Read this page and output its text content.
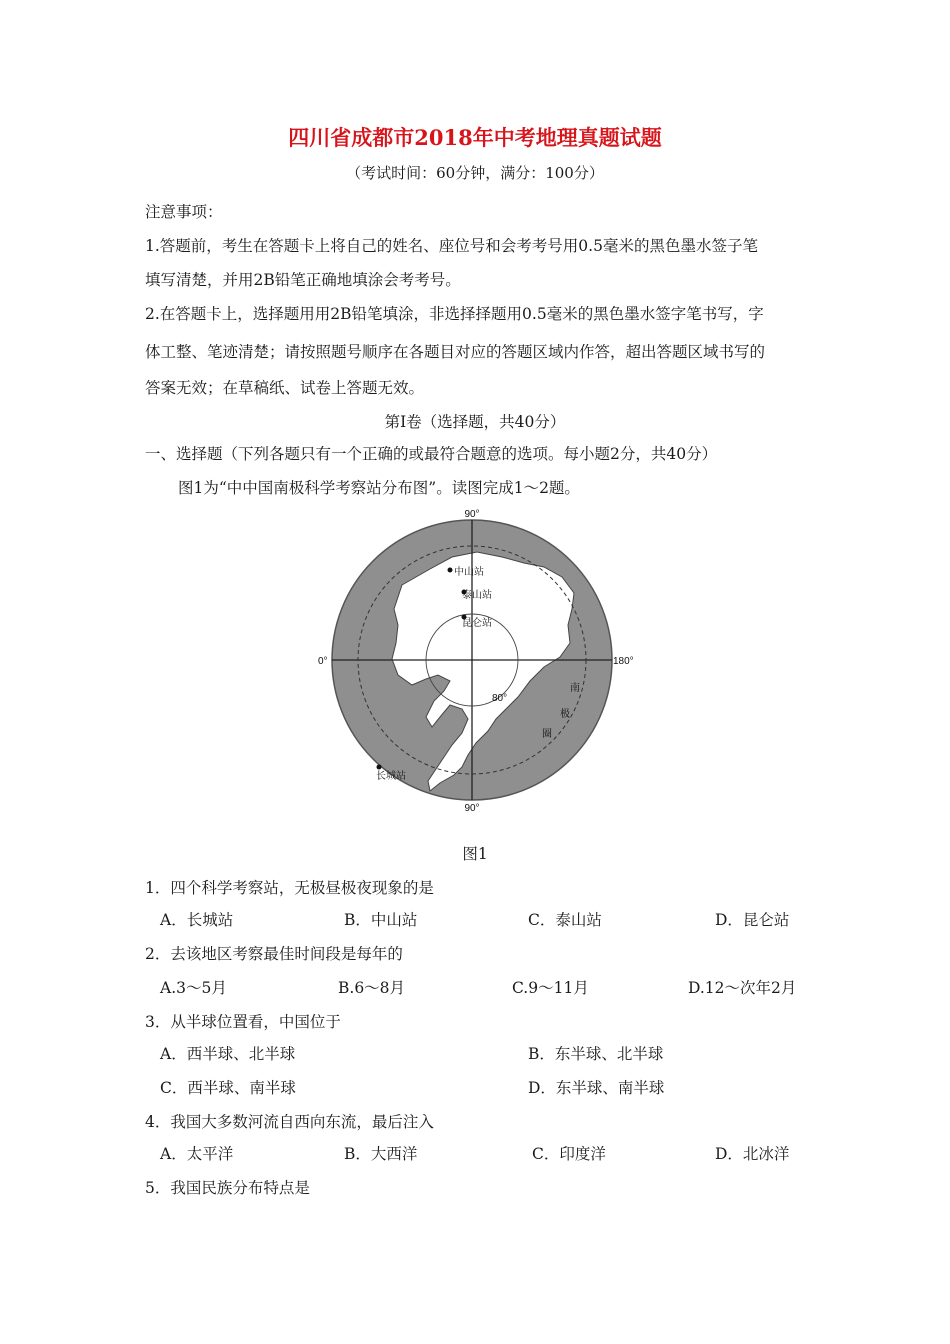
四川省成都市2018年中考地理真题试题
（考试时间：60分钟，满分：100分）
注意事项：
1.答题前，考生在答题卡上将自己的姓名、座位号和会考考号用0.5毫米的黑色墨水签子笔
填写清楚，并用2B铅笔正确地填涂会考考号。
2.在答题卡上，选择题用用2B铅笔填涂，非选择择题用0.5毫米的黑色墨水签字笔书写，字
体工整、笔迹清楚；请按照题号顺序在各题目对应的答题区域内作答，超出答题区域书写的
答案无效；在草稿纸、试卷上答题无效。
第Ⅰ卷（选择题，共40分）
一、选择题（下列各题只有一个正确的或最符合题意的选项。每小题2分，共40分）
图1为“中中国南极科学考察站分布图”。读图完成1～2题。
90°
90°
0°	180°
80°
中山站
泰山站
昆仑站
长城站
南
极
圈
图1
1．四个科学考察站，无极昼极夜现象的是
A．长城站	B．中山站	C．泰山站	D．昆仑站
2．去该地区考察最佳时间段是每年的
A.3～5月	B.6～8月	C.9～11月	D.12～次年2月
3．从半球位置看，中国位于
A．西半球、北半球	B．东半球、北半球
C．西半球、南半球	D．东半球、南半球
4．我国大多数河流自西向东流，最后注入
A．太平洋	B．大西洋	C．印度洋	D．北冰洋
5．我国民族分布特点是
